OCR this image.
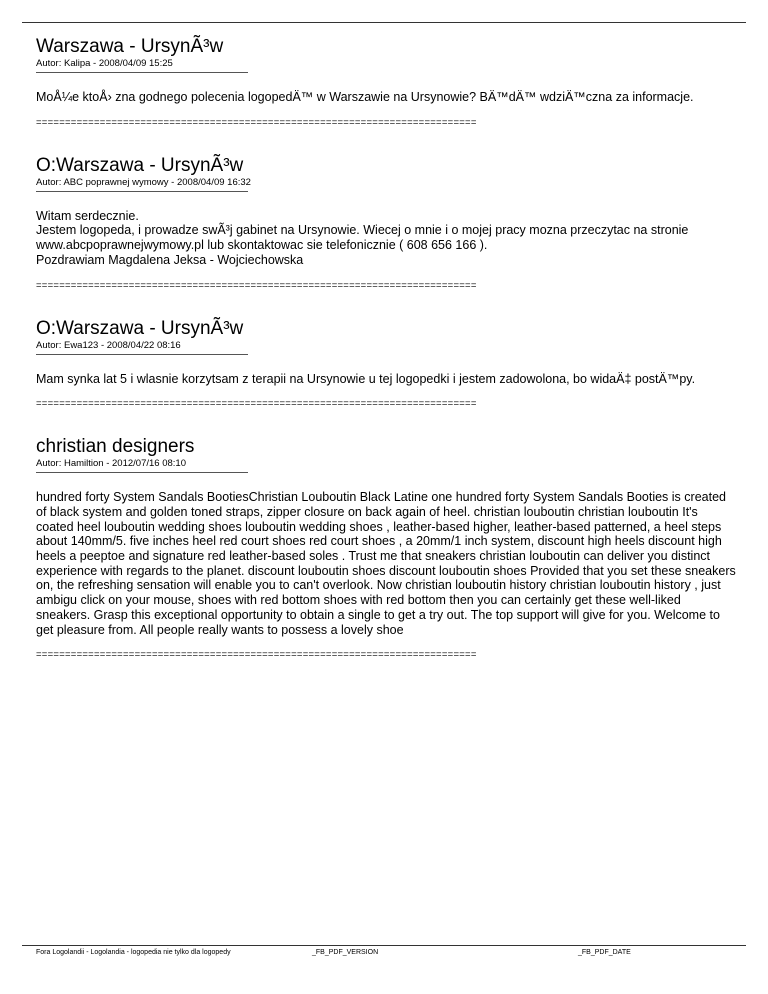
Warszawa - UrsynÃ³w
Autor: Kalipa - 2008/04/09 15:25

MoÅ¼e ktoÅ› zna godnego polecenia logopedÄ™ w Warszawie na Ursynowie? BÄ™dÄ™ wdziÄ™czna za informacje.

============================================================================
O:Warszawa - UrsynÃ³w
Autor: ABC poprawnej wymowy - 2008/04/09 16:32

Witam serdecznie.

Jestem logopeda, i prowadze swÃ³j gabinet na Ursynowie. Wiecej o mnie i o mojej pracy mozna przeczytac na stronie www.abcpoprawnejwymowy.pl lub skontaktowac sie telefonicznie ( 608 656 166 ).

Pozdrawiam Magdalena Jeksa - Wojciechowska

============================================================================
O:Warszawa - UrsynÃ³w
Autor: Ewa123 - 2008/04/22 08:16

Mam synka lat 5 i wlasnie korzytsam z terapii na Ursynowie u tej logopedki i jestem zadowolona, bo widaÄ‡ postÄ™py.

============================================================================
christian designers
Autor: Hamiltion - 2012/07/16 08:10

hundred forty System Sandals BootiesChristian Louboutin Black Latine one hundred forty System Sandals Booties is created of black system and golden toned straps, zipper closure on back again of heel. christian louboutin christian louboutin It's coated heel louboutin wedding shoes louboutin wedding shoes , leather-based higher, leather-based patterned, a heel steps about 140mm/5. five inches heel red court shoes red court shoes , a 20mm/1 inch system, discount high heels discount high heels a peeptoe and signature red leather-based soles . Trust me that sneakers christian louboutin can deliver you distinct experience with regards to the planet. discount louboutin shoes discount louboutin shoes Provided that you set these sneakers on, the refreshing sensation will enable you to can't overlook. Now christian louboutin history christian louboutin history , just ambigu click on your mouse, shoes with red bottom shoes with red bottom then you can certainly get these well-liked sneakers. Grasp this exceptional opportunity to obtain a single to get a try out. The top support will give for you. Welcome to get pleasure from. All people really wants to possess a lovely shoe

============================================================================
Fora Logolandii - Logolandia - logopedia nie tylko dla logopedy	_FB_PDF_VERSION	_FB_PDF_DATE
